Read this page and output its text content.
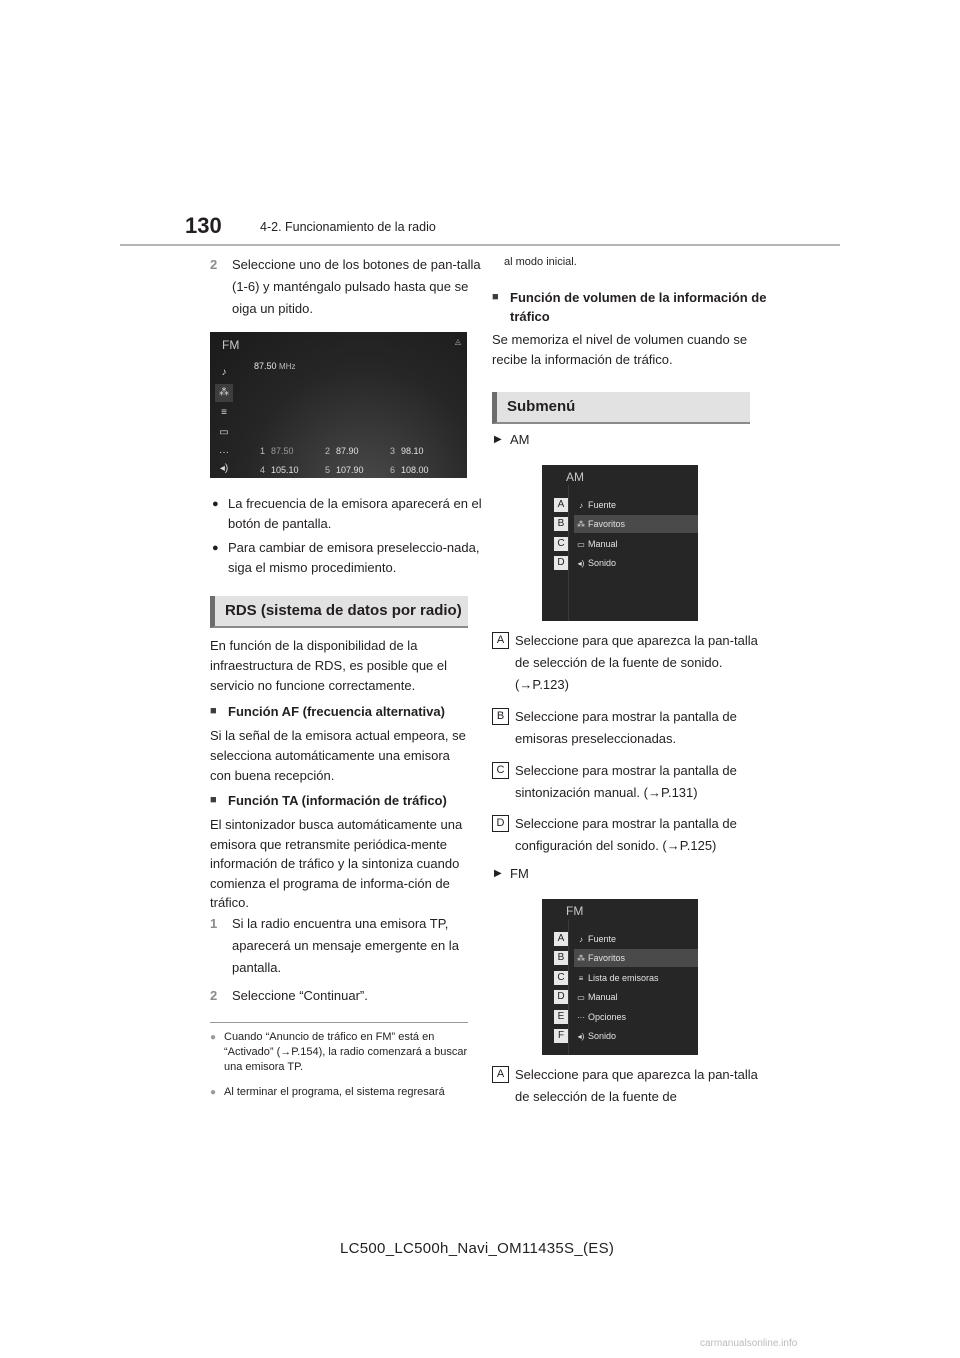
130	4-2. Funcionamiento de la radio
2 Seleccione uno de los botones de pan-talla (1-6) y manténgalo pulsado hasta que se oiga un pitido.
FM	◬
♪
⁂
≡
▭
···
◂)
87.50 MHz
1 87.50	2 87.90	3 98.10
4 105.10	5 107.90	6 108.00
● La frecuencia de la emisora aparecerá en el botón de pantalla.
● Para cambiar de emisora preseleccio-nada, siga el mismo procedimiento.
RDS (sistema de datos por radio)
En función de la disponibilidad de la infraestructura de RDS, es posible que el servicio no funcione correctamente.
■ Función AF (frecuencia alternativa)
Si la señal de la emisora actual empeora, se selecciona automáticamente una emisora con buena recepción.
■ Función TA (información de tráfico)
El sintonizador busca automáticamente una emisora que retransmite periódica-mente información de tráfico y la sintoniza cuando comienza el programa de informa-ción de tráfico.
1 Si la radio encuentra una emisora TP, aparecerá un mensaje emergente en la pantalla.
2 Seleccione “Continuar”.
● Cuando “Anuncio de tráfico en FM” está en “Activado” (→P.154), la radio comenzará a buscar una emisora TP.
● Al terminar el programa, el sistema regresará
al modo inicial.
■ Función de volumen de la información de tráfico
Se memoriza el nivel de volumen cuando se recibe la información de tráfico.
Submenú
▶ AM
AM
A	♪ Fuente
B	⁂ Favoritos
C	▭ Manual
D	◂) Sonido
A Seleccione para que aparezca la pan-talla de selección de la fuente de sonido. (→P.123)
B Seleccione para mostrar la pantalla de emisoras preseleccionadas.
C Seleccione para mostrar la pantalla de sintonización manual. (→P.131)
D Seleccione para mostrar la pantalla de configuración del sonido. (→P.125)
▶ FM
FM
A	♪ Fuente
B	⁂ Favoritos
C	≡ Lista de emisoras
D	▭ Manual
E	··· Opciones
F	◂) Sonido
A Seleccione para que aparezca la pan-talla de selección de la fuente de
LC500_LC500h_Navi_OM11435S_(ES)
carmanualsonline.info
